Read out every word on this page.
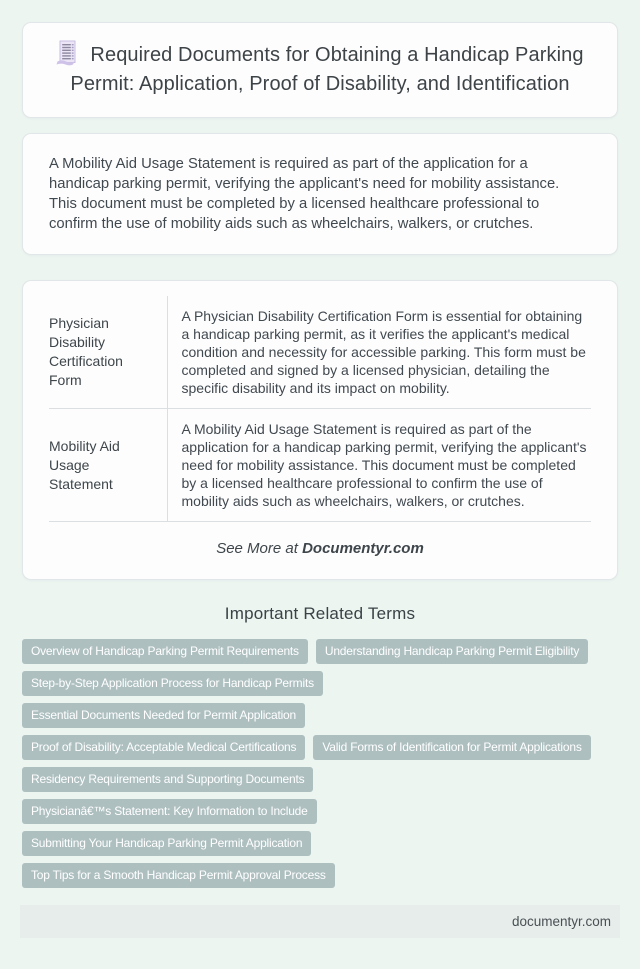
Required Documents for Obtaining a Handicap Parking Permit: Application, Proof of Disability, and Identification

A Mobility Aid Usage Statement is required as part of the application for a handicap parking permit, verifying the applicant's need for mobility assistance. This document must be completed by a licensed healthcare professional to confirm the use of mobility aids such as wheelchairs, walkers, or crutches.

Physician Disability Certification Form	A Physician Disability Certification Form is essential for obtaining a handicap parking permit, as it verifies the applicant's medical condition and necessity for accessible parking. This form must be completed and signed by a licensed physician, detailing the specific disability and its impact on mobility.
Mobility Aid Usage Statement	A Mobility Aid Usage Statement is required as part of the application for a handicap parking permit, verifying the applicant's need for mobility assistance. This document must be completed by a licensed healthcare professional to confirm the use of mobility aids such as wheelchairs, walkers, or crutches.
See More at Documentyr.com
Important Related Terms
Overview of Handicap Parking Permit Requirements	Understanding Handicap Parking Permit Eligibility
Step-by-Step Application Process for Handicap Permits
Essential Documents Needed for Permit Application
Proof of Disability: Acceptable Medical Certifications	Valid Forms of Identification for Permit Applications
Residency Requirements and Supporting Documents
Physicianâ€™s Statement: Key Information to Include
Submitting Your Handicap Parking Permit Application
Top Tips for a Smooth Handicap Permit Approval Process
documentyr.com
